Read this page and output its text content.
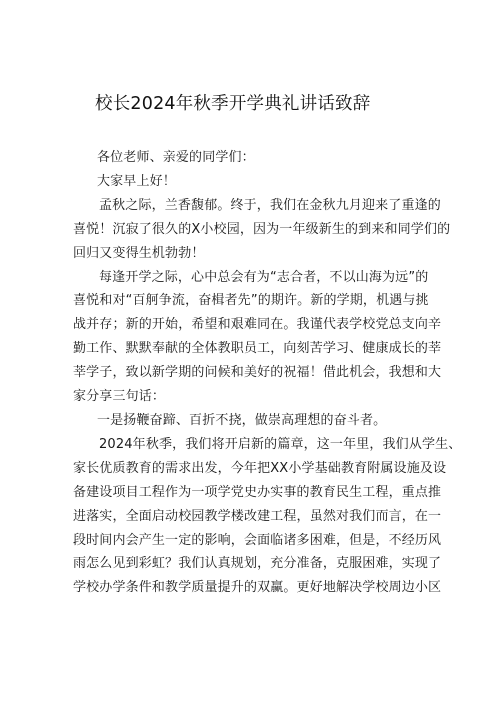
校长2024年秋季开学典礼讲话致辞

各位老师、亲爱的同学们：

大家早上好！

孟秋之际，兰香馥郁。终于，我们在金秋九月迎来了重逢的
喜悦！沉寂了很久的X小校园，因为一年级新生的到来和同学们的
回归又变得生机勃勃！

每逢开学之际，心中总会有为“志合者，不以山海为远”的
喜悦和对“百舸争流，奋楫者先”的期许。新的学期，机遇与挑
战并存；新的开始，希望和艰难同在。我谨代表学校党总支向辛
勤工作、默默奉献的全体教职员工，向刻苦学习、健康成长的莘
莘学子，致以新学期的问候和美好的祝福！借此机会，我想和大
家分享三句话：

一是扬鞭奋蹄、百折不挠，做崇高理想的奋斗者。

2024年秋季，我们将开启新的篇章，这一年里，我们从学生、
家长优质教育的需求出发，今年把XX小学基础教育附属设施及设
备建设项目工程作为一项学党史办实事的教育民生工程，重点推
进落实，全面启动校园教学楼改建工程，虽然对我们而言，在一
段时间内会产生一定的影响，会面临诸多困难，但是，不经历风
雨怎么见到彩虹？我们认真规划，充分准备，克服困难，实现了
学校办学条件和教学质量提升的双赢。更好地解决学校周边小区
